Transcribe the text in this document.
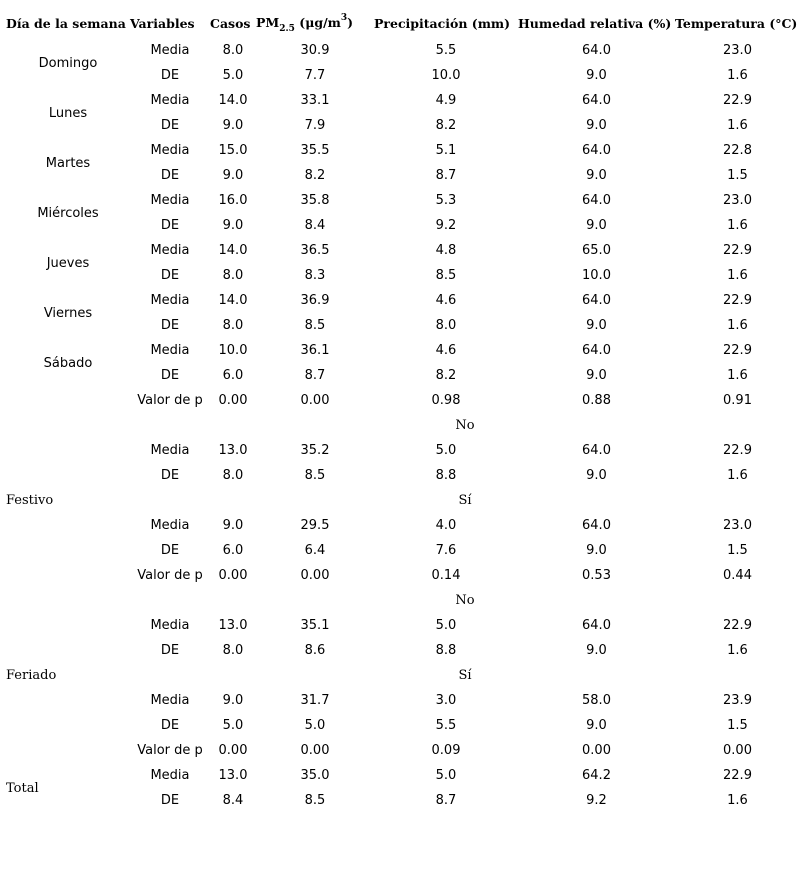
Día de la semana	Variables	Casos	$PM_{2.5}$ $(\mu g/m^3)$	Precipitación (mm)	Humedad relativa (%)	Temperatura (°C)
Domingo	Media	8.0	30.9	5.5	64.0	23.0
	DE	5.0	7.7	10.0	9.0	1.6
Lunes	Media	14.0	33.1	4.9	64.0	22.9
	DE	9.0	7.9	8.2	9.0	1.6
Martes	Media	15.0	35.5	5.1	64.0	22.8
	DE	9.0	8.2	8.7	9.0	1.5
Miércoles	Media	16.0	35.8	5.3	64.0	23.0
	DE	9.0	8.4	9.2	9.0	1.6
Jueves	Media	14.0	36.5	4.8	65.0	22.9
	DE	8.0	8.3	8.5	10.0	1.6
Viernes	Media	14.0	36.9	4.6	64.0	22.9
	DE	8.0	8.5	8.0	9.0	1.6
Sábado	Media	10.0	36.1	4.6	64.0	22.9
	DE	6.0	8.7	8.2	9.0	1.6
	Valor de p	0.00	0.00	0.98	0.88	0.91
	No					
	Media	13.0	35.2	5.0	64.0	22.9
	DE	8.0	8.5	8.8	9.0	1.6
Festivo	Sí					
	Media	9.0	29.5	4.0	64.0	23.0
	DE	6.0	6.4	7.6	9.0	1.5
	Valor de p	0.00	0.00	0.14	0.53	0.44
	No					
	Media	13.0	35.1	5.0	64.0	22.9
	DE	8.0	8.6	8.8	9.0	1.6
Feriado	Sí					
	Media	9.0	31.7	3.0	58.0	23.9
	DE	5.0	5.0	5.5	9.0	1.5
	Valor de p	0.00	0.00	0.09	0.00	0.00
Total	Media	13.0	35.0	5.0	64.2	22.9
	DE	8.4	8.5	8.7	9.2	1.6
